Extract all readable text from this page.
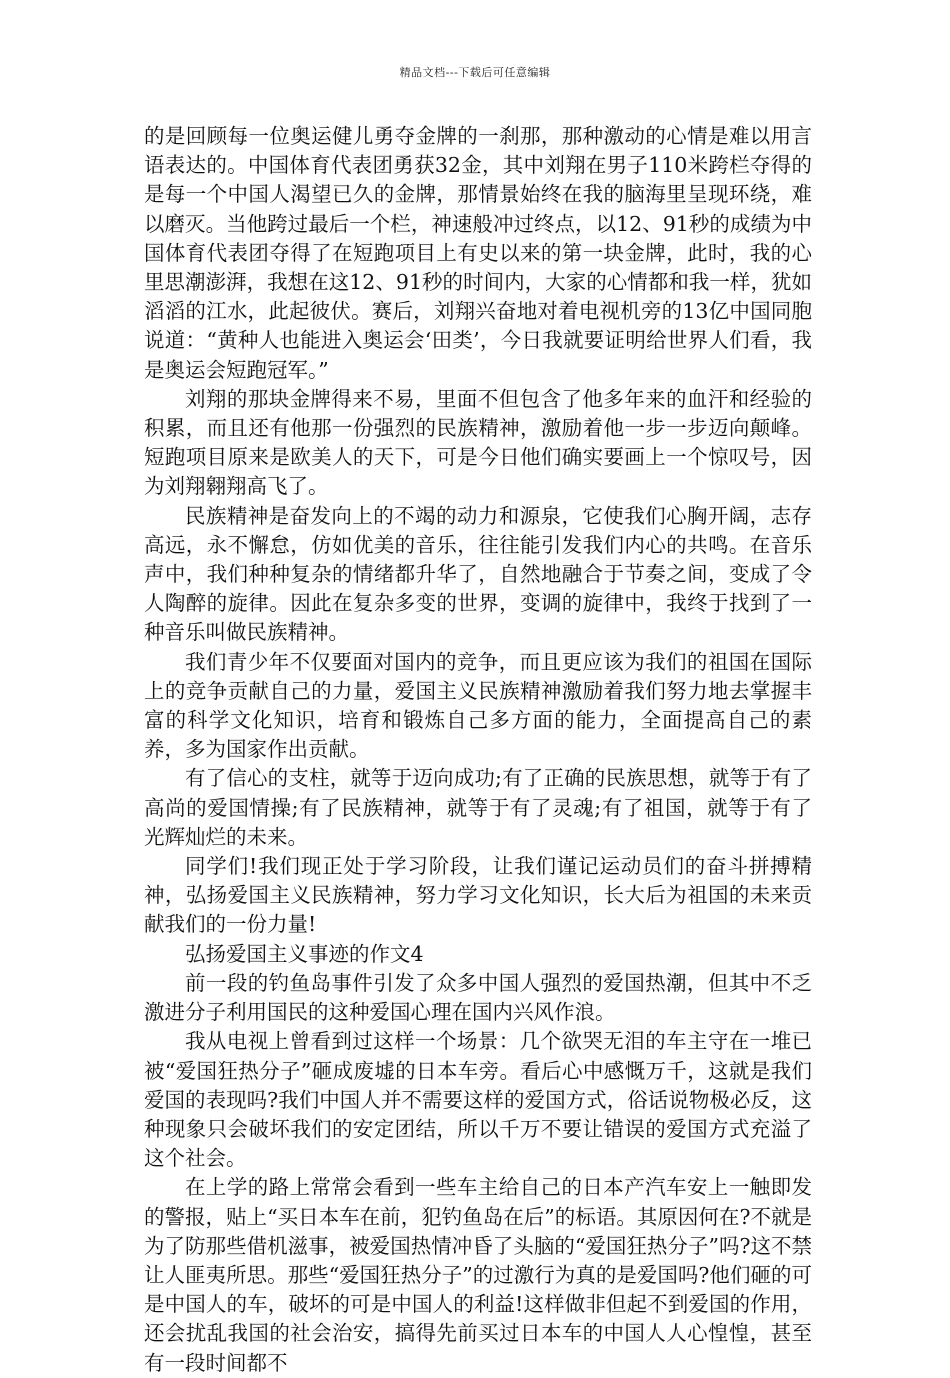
精品文档---下载后可任意编辑

的是回顾每一位奥运健儿勇夺金牌的一刹那，那种激动的心情是难以用言语表达的。中国体育代表团勇获32金，其中刘翔在男子110米跨栏夺得的是每一个中国人渴望已久的金牌，那情景始终在我的脑海里呈现环绕，难以磨灭。当他跨过最后一个栏，神速般冲过终点，以12、91秒的成绩为中国体育代表团夺得了在短跑项目上有史以来的第一块金牌，此时，我的心里思潮澎湃，我想在这12、91秒的时间内，大家的心情都和我一样，犹如滔滔的江水，此起彼伏。赛后，刘翔兴奋地对着电视机旁的13亿中国同胞说道：“黄种人也能进入奥运会‘田类’，今日我就要证明给世界人们看，我是奥运会短跑冠军。”

刘翔的那块金牌得来不易，里面不但包含了他多年来的血汗和经验的积累，而且还有他那一份强烈的民族精神，激励着他一步一步迈向颠峰。短跑项目原来是欧美人的天下，可是今日他们确实要画上一个惊叹号，因为刘翔翱翔高飞了。

民族精神是奋发向上的不竭的动力和源泉，它使我们心胸开阔，志存高远，永不懈怠，仿如优美的音乐，往往能引发我们内心的共鸣。在音乐声中，我们种种复杂的情绪都升华了，自然地融合于节奏之间，变成了令人陶醉的旋律。因此在复杂多变的世界，变调的旋律中，我终于找到了一种音乐叫做民族精神。

我们青少年不仅要面对国内的竞争，而且更应该为我们的祖国在国际上的竞争贡献自己的力量，爱国主义民族精神激励着我们努力地去掌握丰富的科学文化知识，培育和锻炼自己多方面的能力，全面提高自己的素养，多为国家作出贡献。

有了信心的支柱，就等于迈向成功;有了正确的民族思想，就等于有了高尚的爱国情操;有了民族精神，就等于有了灵魂;有了祖国，就等于有了光辉灿烂的未来。

同学们!我们现正处于学习阶段，让我们谨记运动员们的奋斗拼搏精神，弘扬爱国主义民族精神，努力学习文化知识，长大后为祖国的未来贡献我们的一份力量!

弘扬爱国主义事迹的作文4

前一段的钓鱼岛事件引发了众多中国人强烈的爱国热潮，但其中不乏激进分子利用国民的这种爱国心理在国内兴风作浪。

我从电视上曾看到过这样一个场景：几个欲哭无泪的车主守在一堆已被“爱国狂热分子”砸成废墟的日本车旁。看后心中感慨万千，这就是我们爱国的表现吗?我们中国人并不需要这样的爱国方式，俗话说物极必反，这种现象只会破坏我们的安定团结，所以千万不要让错误的爱国方式充溢了这个社会。

在上学的路上常常会看到一些车主给自己的日本产汽车安上一触即发的警报，贴上“买日本车在前，犯钓鱼岛在后”的标语。其原因何在?不就是为了防那些借机滋事，被爱国热情冲昏了头脑的“爱国狂热分子”吗?这不禁让人匪夷所思。那些“爱国狂热分子”的过激行为真的是爱国吗?他们砸的可是中国人的车，破坏的可是中国人的利益!这样做非但起不到爱国的作用，还会扰乱我国的社会治安，搞得先前买过日本车的中国人人心惶惶，甚至有一段时间都不
